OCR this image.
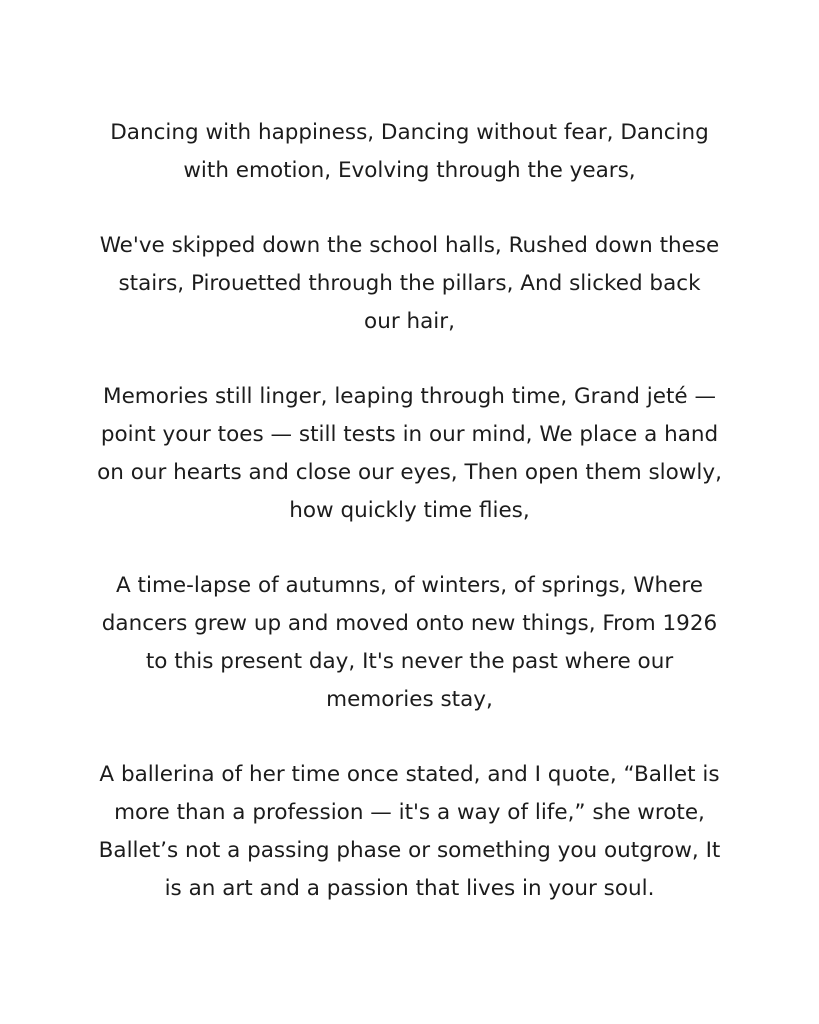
Dancing with happiness, Dancing without fear, Dancing
with emotion, Evolving through the years,
We've skipped down the school halls, Rushed down these
stairs, Pirouetted through the pillars, And slicked back
our hair,
Memories still linger, leaping through time, Grand jeté —
point your toes — still tests in our mind, We place a hand
on our hearts and close our eyes, Then open them slowly,
how quickly time flies,
A time-lapse of autumns, of winters, of springs, Where
dancers grew up and moved onto new things, From 1926
to this present day, It's never the past where our
memories stay,
A ballerina of her time once stated, and I quote, “Ballet is
more than a profession — it's a way of life,” she wrote,
Ballet’s not a passing phase or something you outgrow, It
is an art and a passion that lives in your soul.
